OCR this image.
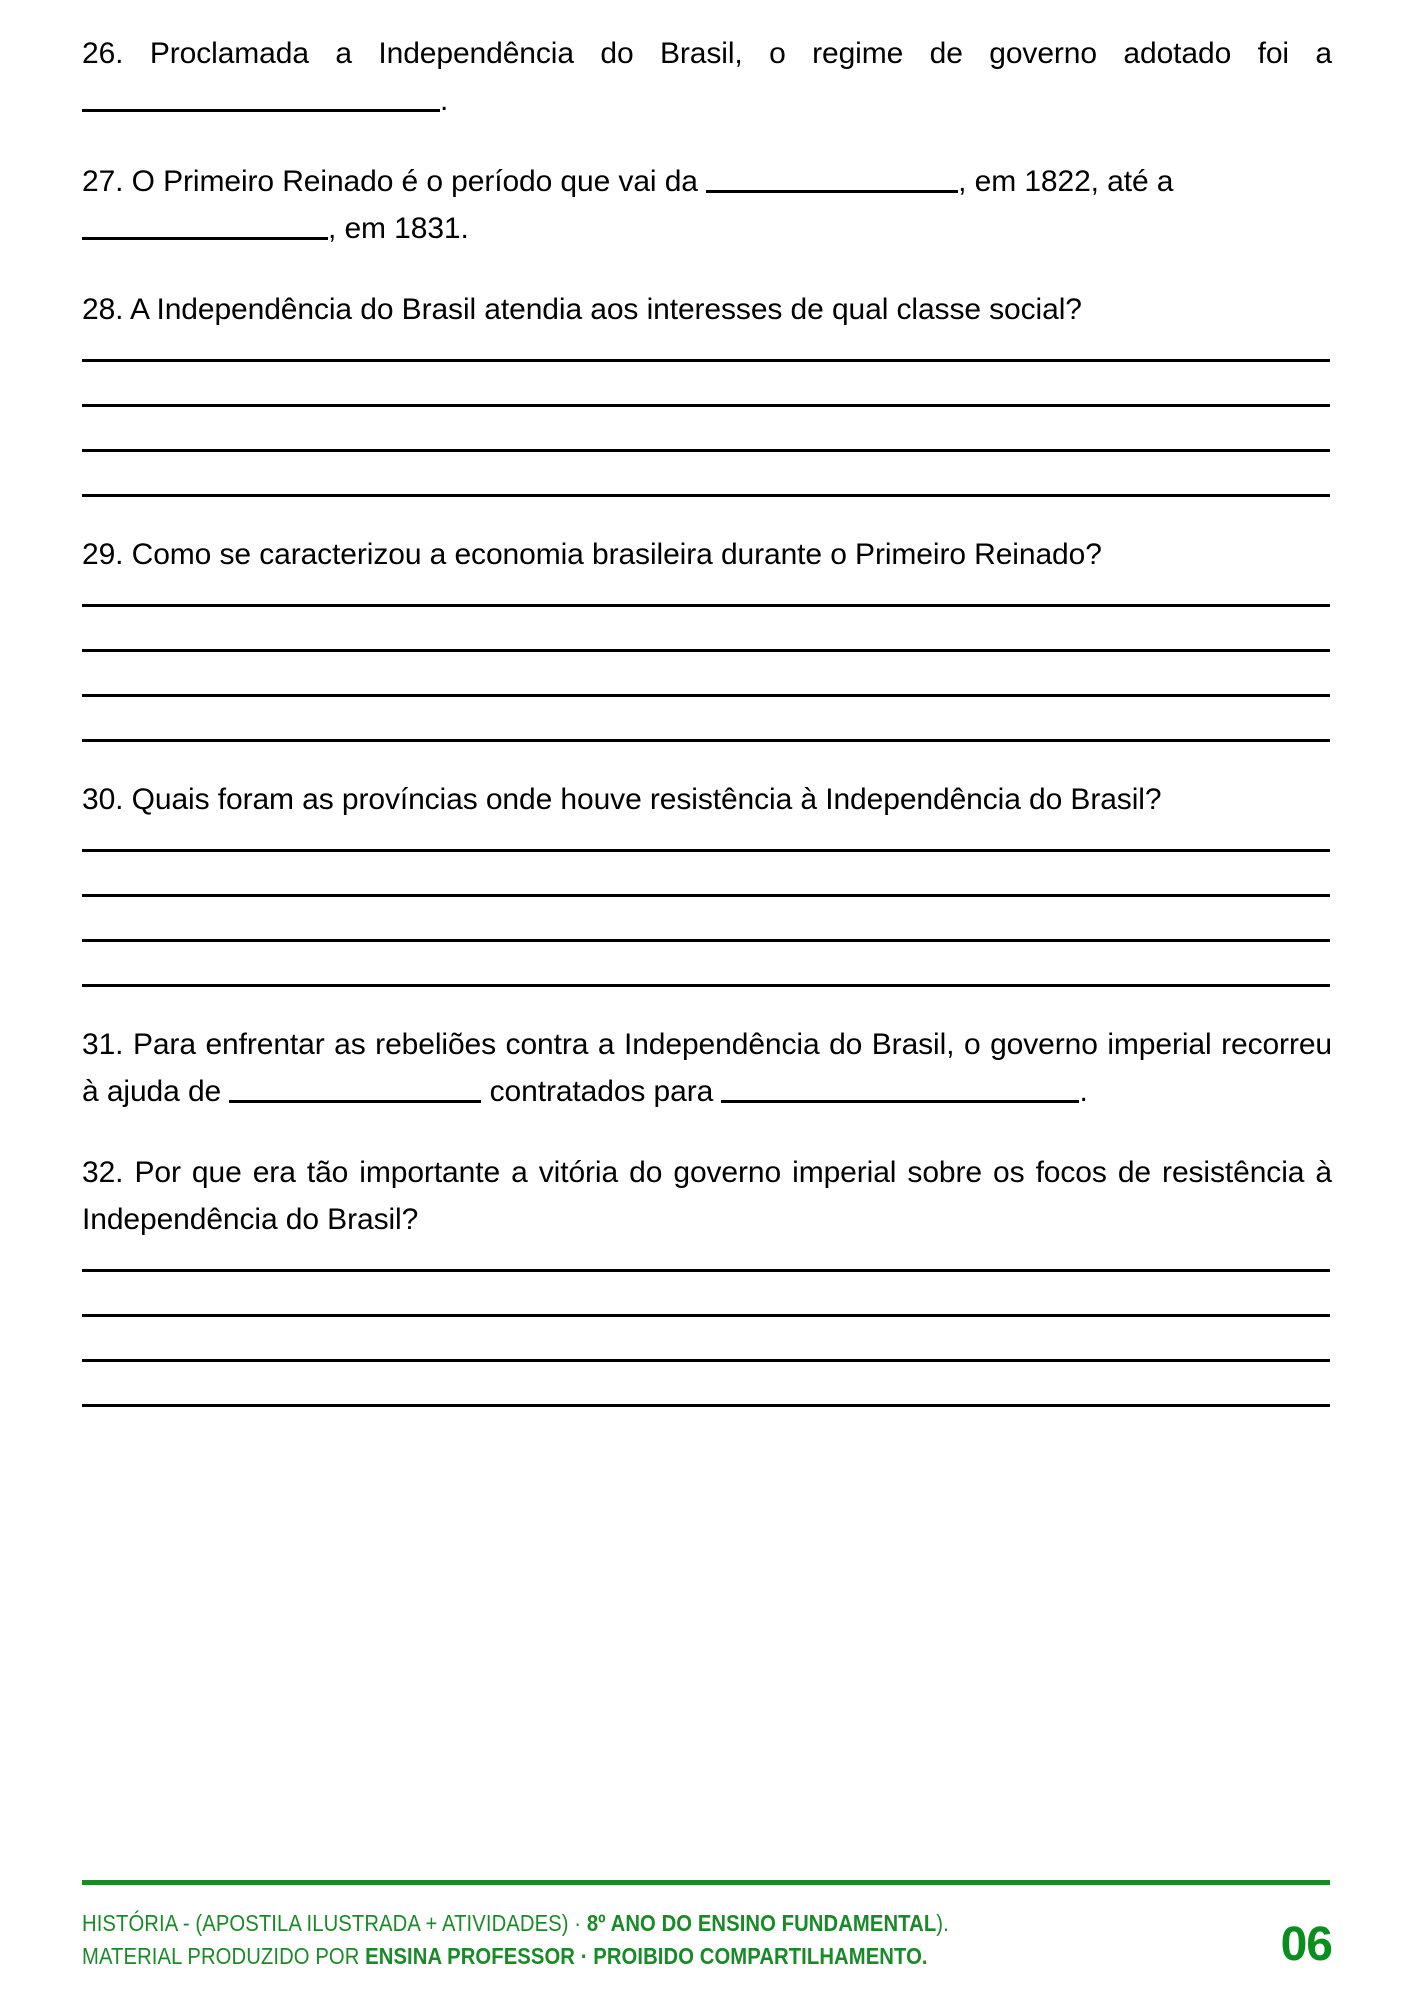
26. Proclamada a Independência do Brasil, o regime de governo adotado foi a .

27. O Primeiro Reinado é o período que vai da	, em 1822, até a , em 1831.

28. A Independência do Brasil atendia aos interesses de qual classe social?

29. Como se caracterizou a economia brasileira durante o Primeiro Reinado?

30. Quais foram as províncias onde houve resistência à Independência do Brasil?

31. Para enfrentar as rebeliões contra a Independência do Brasil, o governo imperial recorreu à ajuda de	contratados para	.

32. Por que era tão importante a vitória do governo imperial sobre os focos de resistência à Independência do Brasil?

HISTÓRIA - (APOSTILA ILUSTRADA + ATIVIDADES) · 8º ANO DO ENSINO FUNDAMENTAL).
MATERIAL PRODUZIDO POR ENSINA PROFESSOR · PROIBIDO COMPARTILHAMENTO.	06
